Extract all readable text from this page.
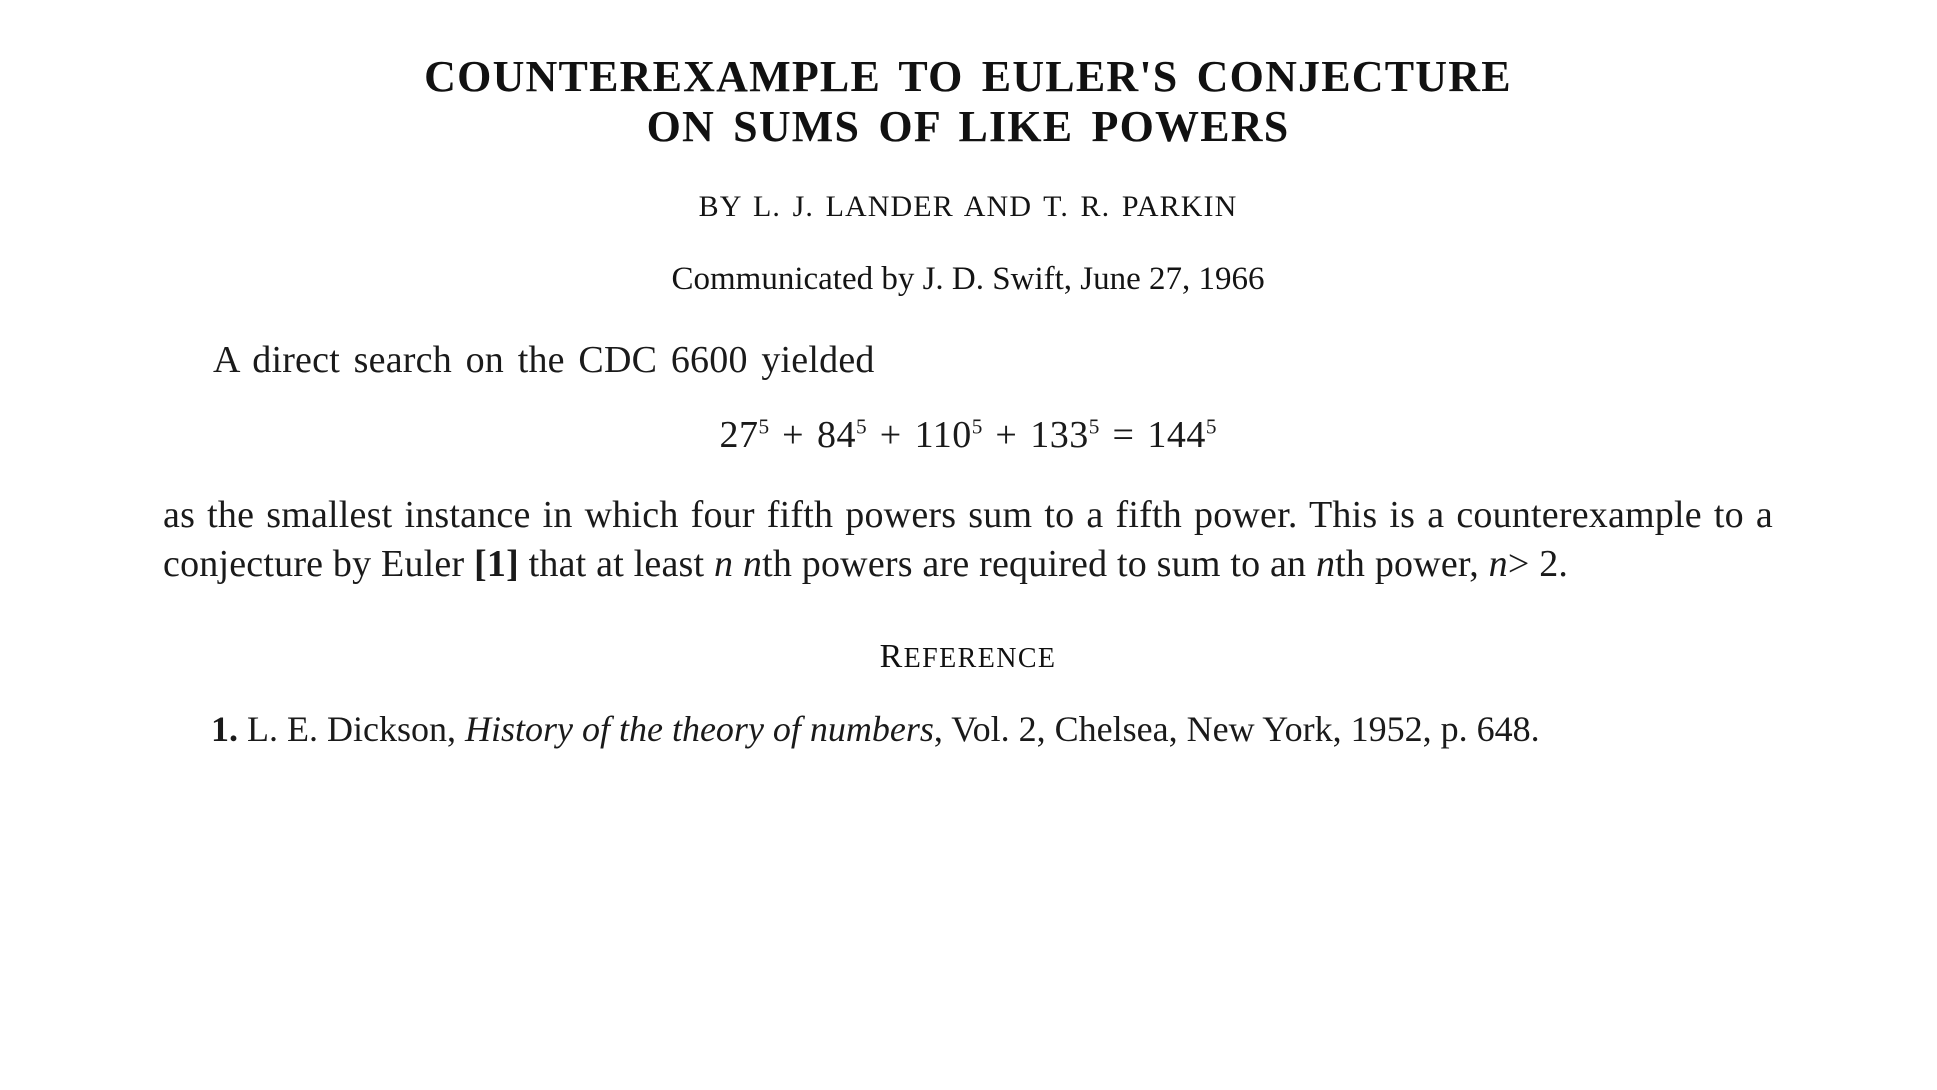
COUNTEREXAMPLE TO EULER'S CONJECTURE
ON SUMS OF LIKE POWERS
BY L. J. LANDER AND T. R. PARKIN
Communicated by J. D. Swift, June 27, 1966
A direct search on the CDC 6600 yielded
$27^5 + 84^5 + 110^5 + 133^5 = 144^5$
as the smallest instance in which four fifth powers sum to a fifth power. This is a counterexample to a conjecture by Euler [1] that at least n nth powers are required to sum to an nth power, n> 2.
REFERENCE
1. L. E. Dickson, History of the theory of numbers, Vol. 2, Chelsea, New York, 1952, p. 648.
